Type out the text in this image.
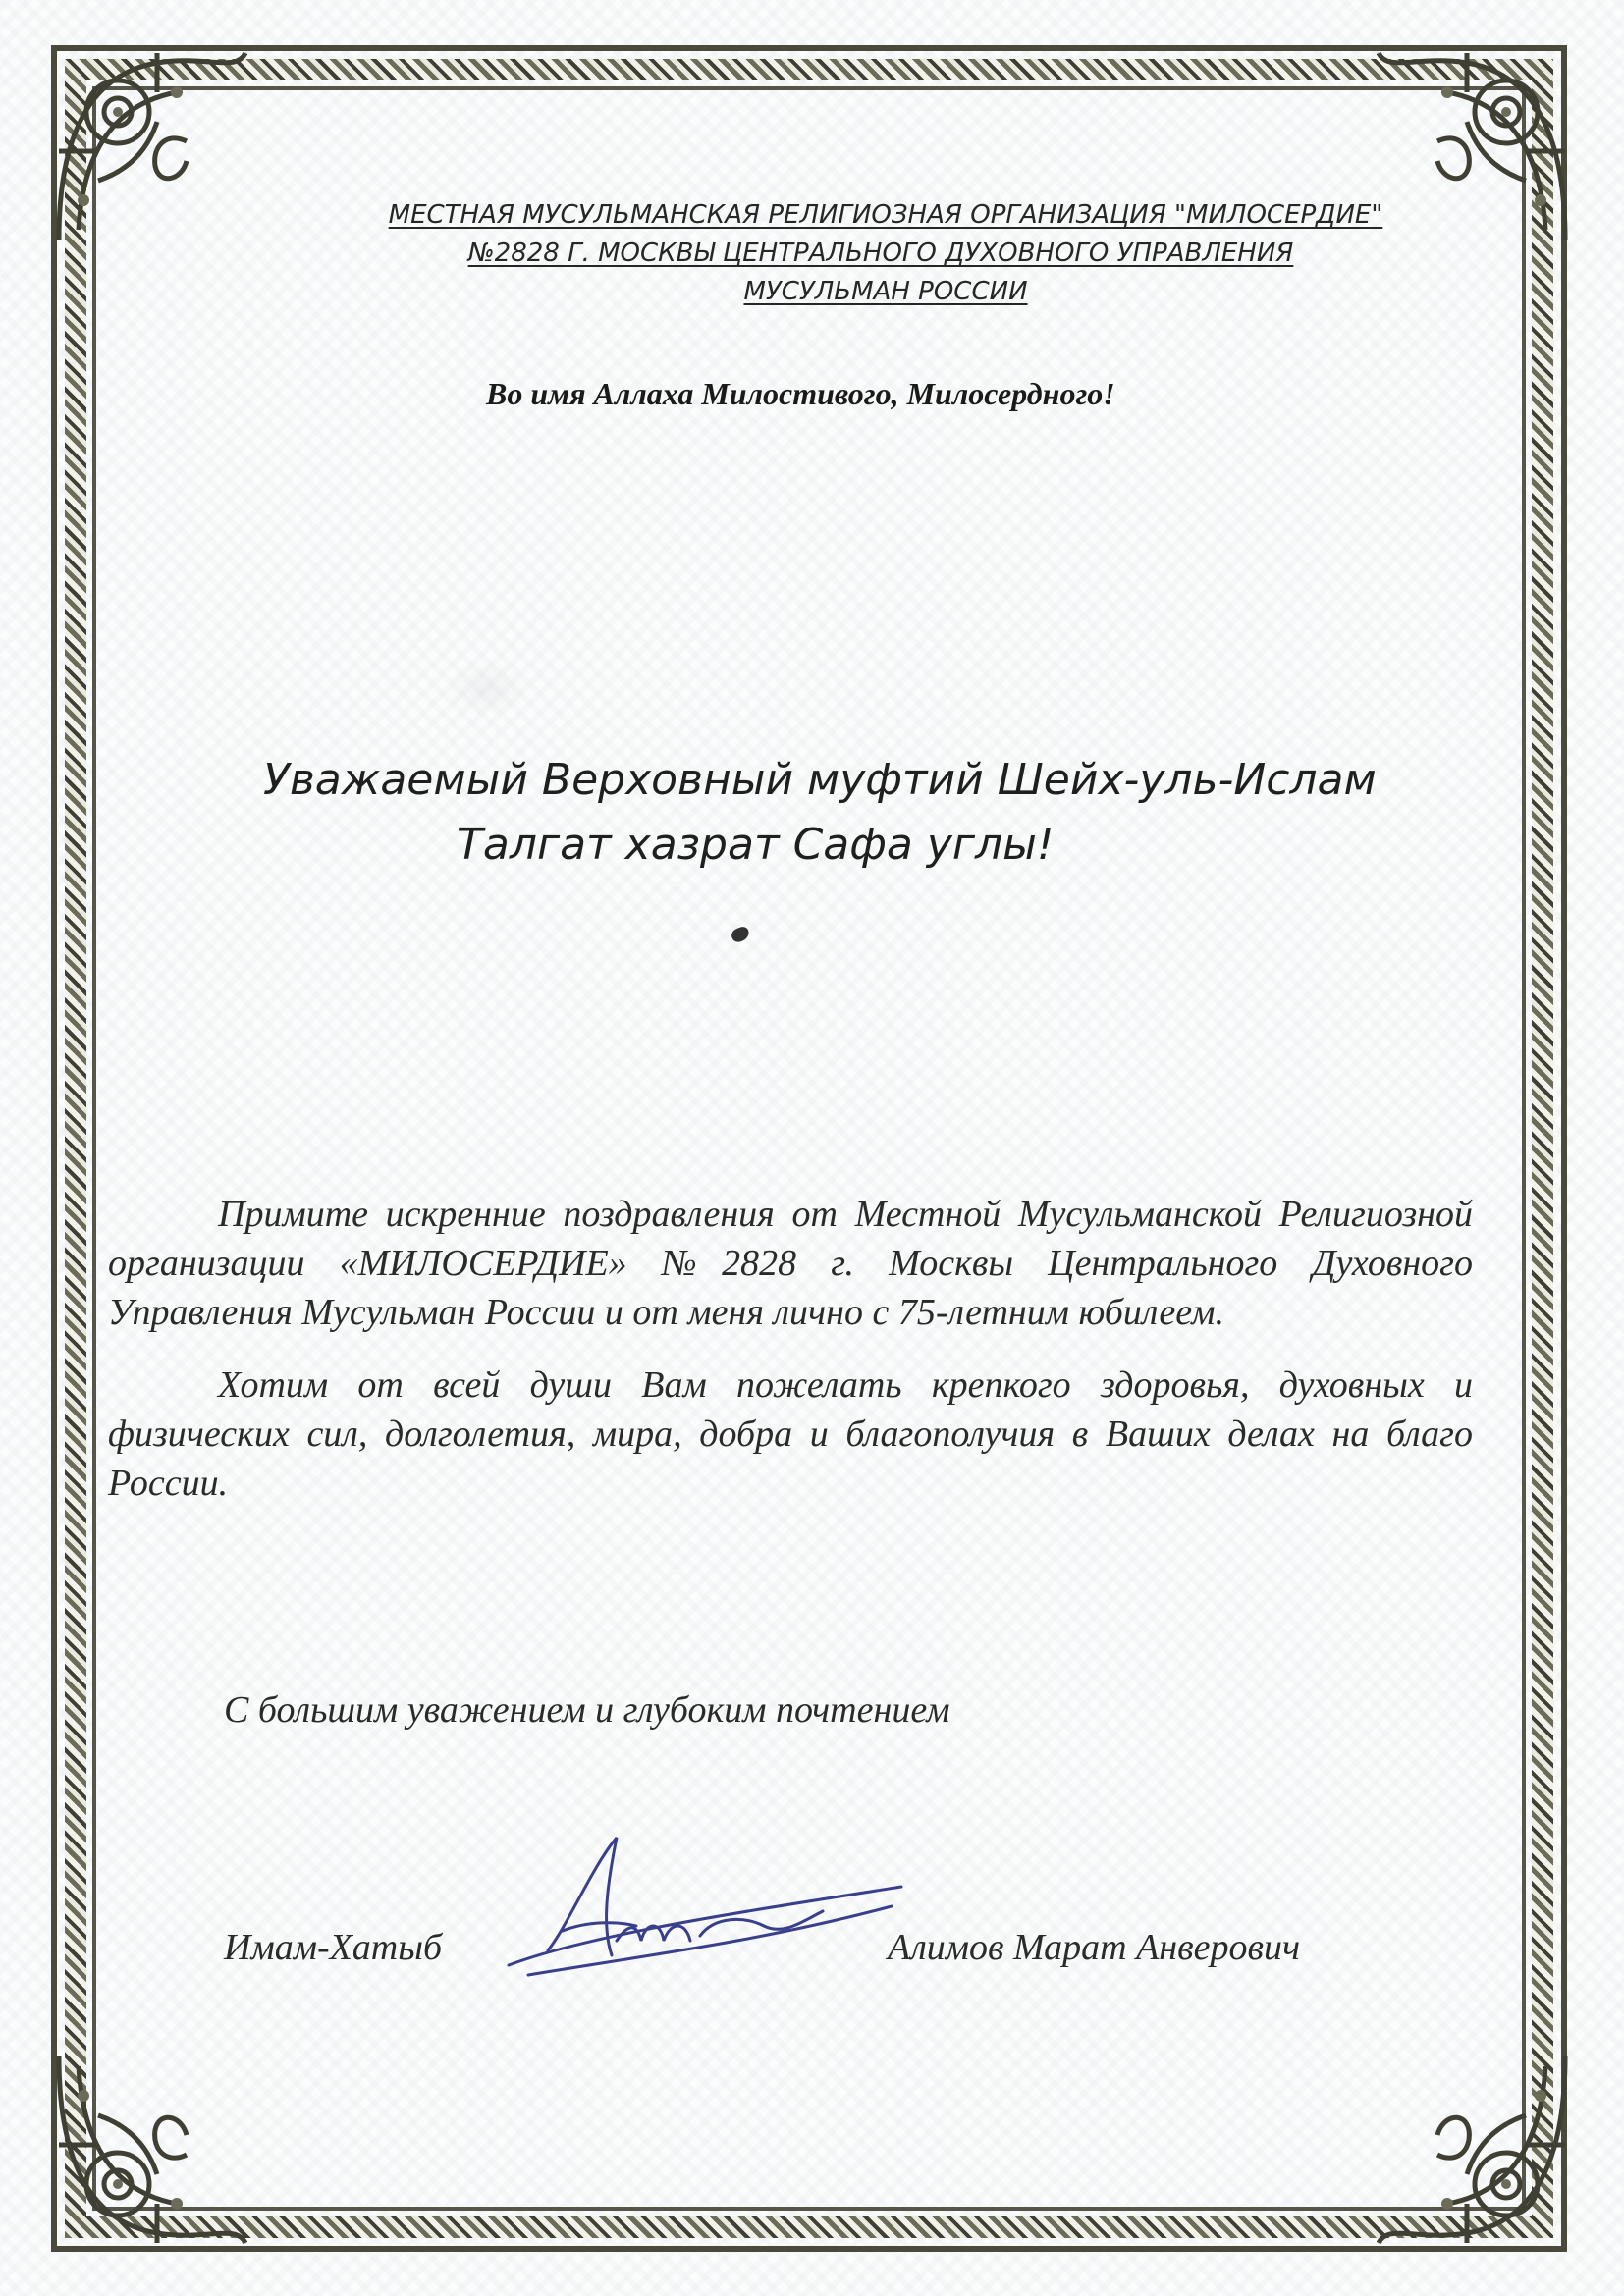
МЕСТНАЯ МУСУЛЬМАНСКАЯ РЕЛИГИОЗНАЯ ОРГАНИЗАЦИЯ "МИЛОСЕРДИЕ"
№2828 Г. МОСКВЫ ЦЕНТРАЛЬНОГО ДУХОВНОГО УПРАВЛЕНИЯ
МУСУЛЬМАН РОССИИ
Во имя Аллаха Милостивого, Милосердного!
Уважаемый Верховный муфтий Шейх-уль-Ислам
Талгат хазрат Сафа углы!

Примите искренние поздравления от Местной Мусульманской Религиозной организации «МИЛОСЕРДИЕ» №2828 г. Москвы Центрального Духовного Управления Мусульман России и от меня лично с 75-летним юбилеем.

Хотим от всей души Вам пожелать крепкого здоровья, духовных и физических сил, долголетия, мира, добра и благополучия в Ваших делах на благо России.

С большим уважением и глубоким почтением
Имам-Хатыб	Алимов Марат Анверович
